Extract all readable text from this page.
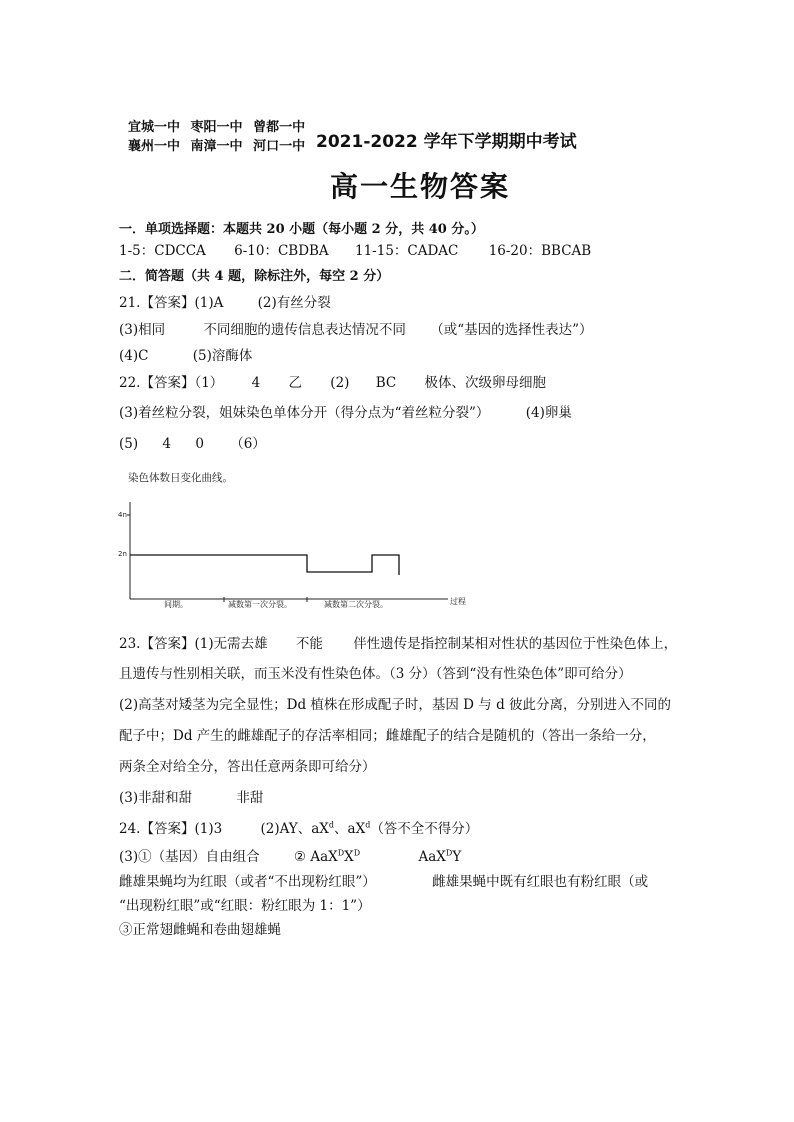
宜城一中 枣阳一中 曾都一中
襄州一中 南漳一中 河口一中 2021-2022 学年下学期期中考试
高一生物答案
一．单项选择题：本题共 20 小题（每小题 2 分，共 40 分。）
1-5：CDCCA 6-10：CBDBA 11-15：CADAC 16-20：BBCAB
二．简答题（共 4 题，除标注外，每空 2 分）
21.【答案】(1)A	(2)有丝分裂
(3)相同	不同细胞的遗传信息表达情况不同 （或“基因的选择性表达”）
(4)C	(5)溶酶体
22.【答案】（1） 4 乙 (2) BC 极体、次级卵母细胞
(3)着丝粒分裂，姐妹染色单体分开（得分点为“着丝粒分裂”）	(4)卵巢
(5) 4 0 （6）
染色体数日变化曲线。
4n
2n
间期。	减数第一次分裂。	减数第二次分裂。	过程
23.【答案】(1)无需去雄 不能 伴性遗传是指控制某相对性状的基因位于性染色体上，
且遗传与性别相关联，而玉米没有性染色体。（3 分）（答到“没有性染色体”即可给分）
(2)高茎对矮茎为完全显性；Dd 植株在形成配子时，基因 D 与 d 彼此分离，分别进入不同的
配子中；Dd 产生的雌雄配子的存活率相同；雌雄配子的结合是随机的（答出一条给一分，
两条全对给全分，答出任意两条即可给分）
(3)非甜和甜	非甜
24.【答案】(1)3	(2)AY、$aX^d$、$aX^d$（答不全不得分）
(3)①（基因）自由组合	② $AaX^DX^D$	AaX$^D$Y
雌雄果蝇均为红眼（或者“不出现粉红眼”）	雌雄果蝇中既有红眼也有粉红眼（或
“出现粉红眼”或“红眼：粉红眼为 1：1”）
③正常翅雌蝇和卷曲翅雄蝇
